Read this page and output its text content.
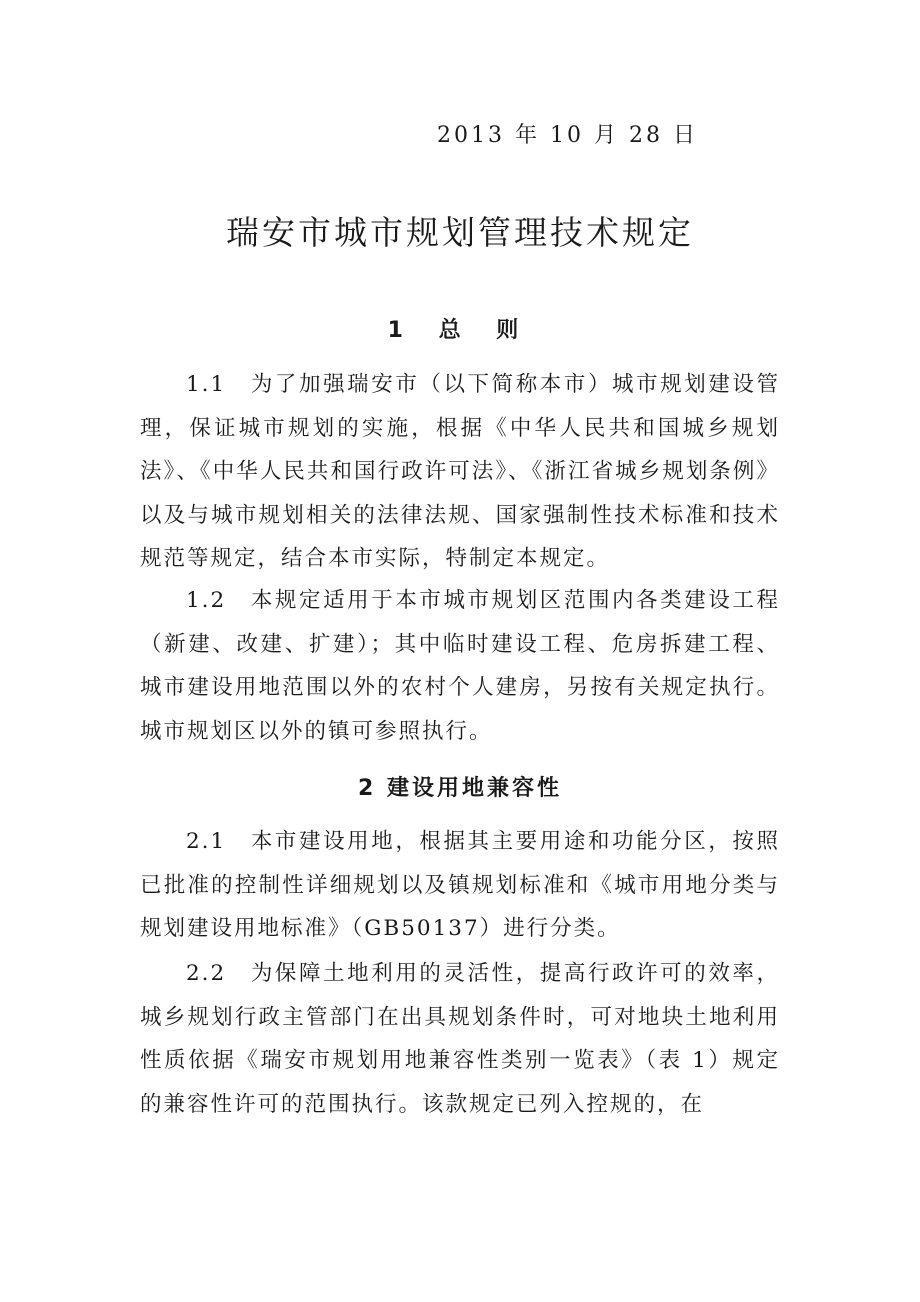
2013 年 10 月 28 日
瑞安市城市规划管理技术规定
1 总 则

1.1　为了加强瑞安市（以下简称本市）城市规划建设管理，保证城市规划的实施，根据《中华人民共和国城乡规划法》、《中华人民共和国行政许可法》、《浙江省城乡规划条例》以及与城市规划相关的法律法规、国家强制性技术标准和技术规范等规定，结合本市实际，特制定本规定。

1.2　本规定适用于本市城市规划区范围内各类建设工程（新建、改建、扩建）；其中临时建设工程、危房拆建工程、城市建设用地范围以外的农村个人建房，另按有关规定执行。城市规划区以外的镇可参照执行。

2 建设用地兼容性

2.1　本市建设用地，根据其主要用途和功能分区，按照已批准的控制性详细规划以及镇规划标准和《城市用地分类与规划建设用地标准》（GB50137）进行分类。

2.2　为保障土地利用的灵活性，提高行政许可的效率，城乡规划行政主管部门在出具规划条件时，可对地块土地利用性质依据《瑞安市规划用地兼容性类别一览表》（表 1）规定的兼容性许可的范围执行。该款规定已列入控规的，在
